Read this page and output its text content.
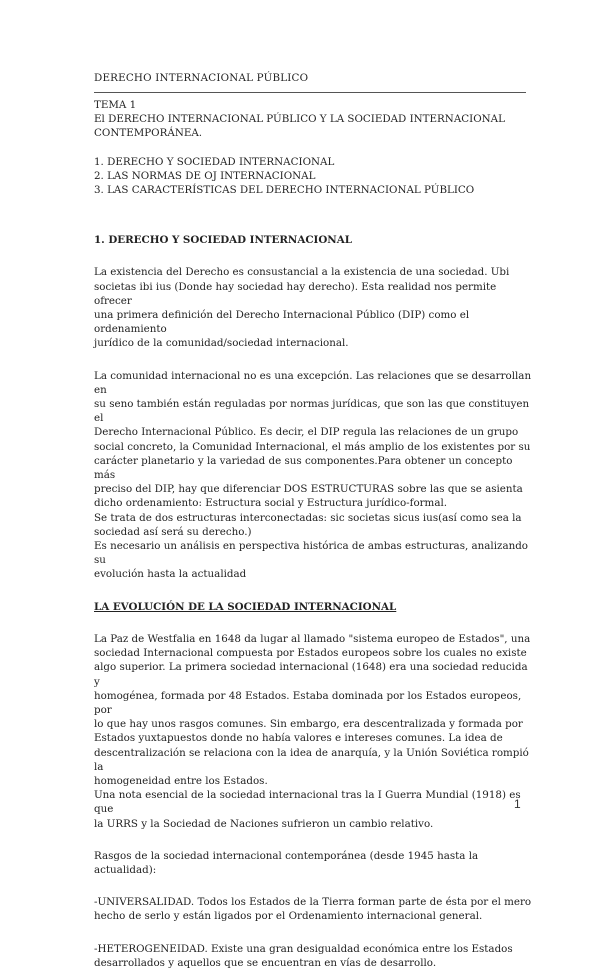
DERECHO INTERNACIONAL PÚBLICO

TEMA 1

El DERECHO INTERNACIONAL PÚBLICO Y LA SOCIEDAD INTERNACIONAL

CONTEMPORÁNEA.

1. DERECHO Y SOCIEDAD INTERNACIONAL

2. LAS NORMAS DE OJ INTERNACIONAL

3. LAS CARACTERÍSTICAS DEL DERECHO INTERNACIONAL PÚBLICO

1. DERECHO Y SOCIEDAD INTERNACIONAL

La existencia del Derecho es consustancial a la existencia de una sociedad. Ubi

societas ibi ius (Donde hay sociedad hay derecho). Esta realidad nos permite ofrecer

una primera definición del Derecho Internacional Público (DIP) como el ordenamiento

jurídico de la comunidad/sociedad internacional.

La comunidad internacional no es una excepción. Las relaciones que se desarrollan en

su seno también están reguladas por normas jurídicas, que son las que constituyen el

Derecho Internacional Público. Es decir, el DIP regula las relaciones de un grupo

social concreto, la Comunidad Internacional, el más amplio de los existentes por su

carácter planetario y la variedad de sus componentes.Para obtener un concepto más

preciso del DIP, hay que diferenciar DOS ESTRUCTURAS sobre las que se asienta

dicho ordenamiento: Estructura social y Estructura jurídico-formal.

Se trata de dos estructuras interconectadas: sic societas sicus ius(así como sea la

sociedad así será su derecho.)

Es necesario un análisis en perspectiva histórica de ambas estructuras, analizando su

evolución hasta la actualidad

LA EVOLUCIÓN DE LA SOCIEDAD INTERNACIONAL

La Paz de Westfalia en 1648 da lugar al llamado "sistema europeo de Estados", una

sociedad Internacional compuesta por Estados europeos sobre los cuales no existe

algo superior. La primera sociedad internacional (1648) era una sociedad reducida y

homogénea, formada por 48 Estados. Estaba dominada por los Estados europeos, por

lo que hay unos rasgos comunes. Sin embargo, era descentralizada y formada por

Estados yuxtapuestos donde no había valores e intereses comunes. La idea de

descentralización se relaciona con la idea de anarquía, y la Unión Soviética rompió la

homogeneidad entre los Estados.

Una nota esencial de la sociedad internacional tras la I Guerra Mundial (1918) es que

la URRS y la Sociedad de Naciones sufrieron un cambio relativo.

Rasgos de la sociedad internacional contemporánea (desde 1945 hasta la actualidad):

-UNIVERSALIDAD. Todos los Estados de la Tierra forman parte de ésta por el mero

hecho de serlo y están ligados por el Ordenamiento internacional general.

-HETEROGENEIDAD. Existe una gran desigualdad económica entre los Estados

desarrollados y aquellos que se encuentran en vías de desarrollo.

1
